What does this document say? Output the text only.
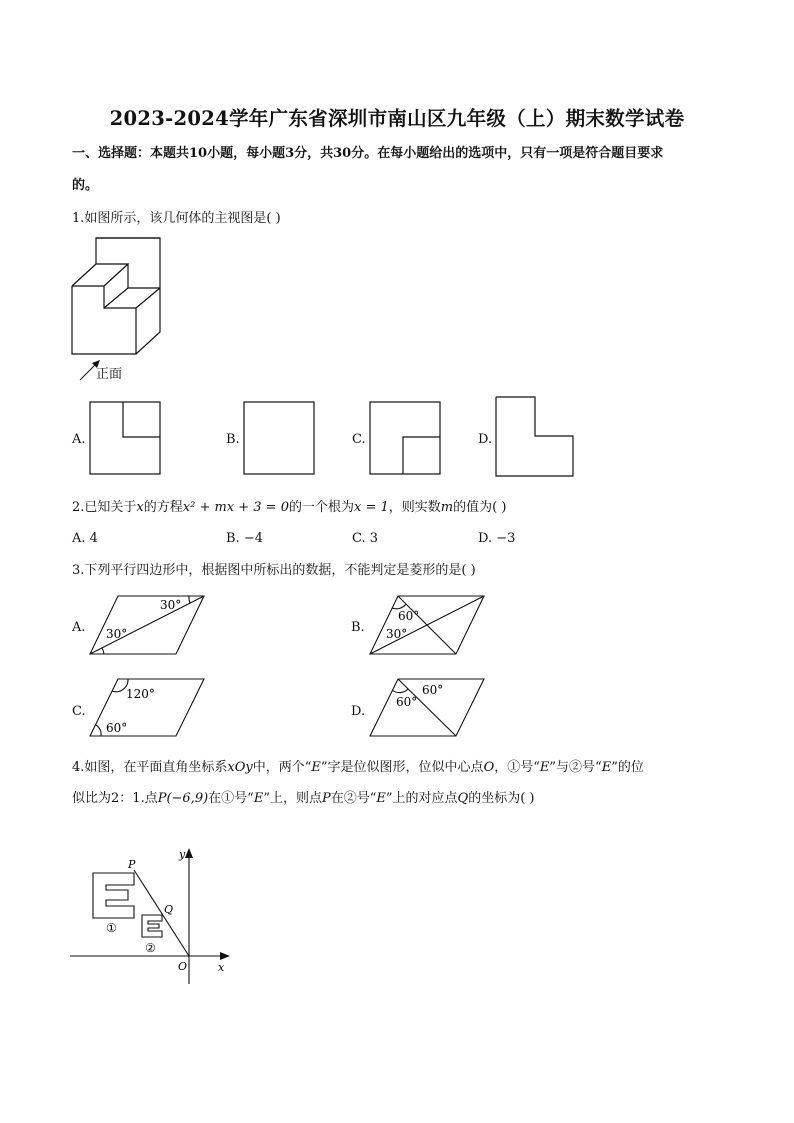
2023-2024学年广东省深圳市南山区九年级（上）期末数学试卷
一、选择题：本题共10小题，每小题3分，共30分。在每小题给出的选项中，只有一项是符合题目要求
的。
1.如图所示，该几何体的主视图是( )
正面
A.	B.	C.	D.
2.已知关于x的方程x² + mx + 3 = 0的一个根为x = 1，则实数m的值为( )
A. 4	B. −4	C. 3	D. −3
3.下列平行四边形中，根据图中所标出的数据，不能判定是菱形的是( )
A.
30°
30°	B.
60°
30°
C.
120°
60°
D.
60°
60°
4.如图，在平面直角坐标系xOy中，两个“E”字是位似图形，位似中心点O，①号“E”与②号“E”的位
似比为2：1.点P(−6,9)在①号“E”上，则点P在②号“E”上的对应点Q的坐标为( )
P
Q
O	x
y
①
②
